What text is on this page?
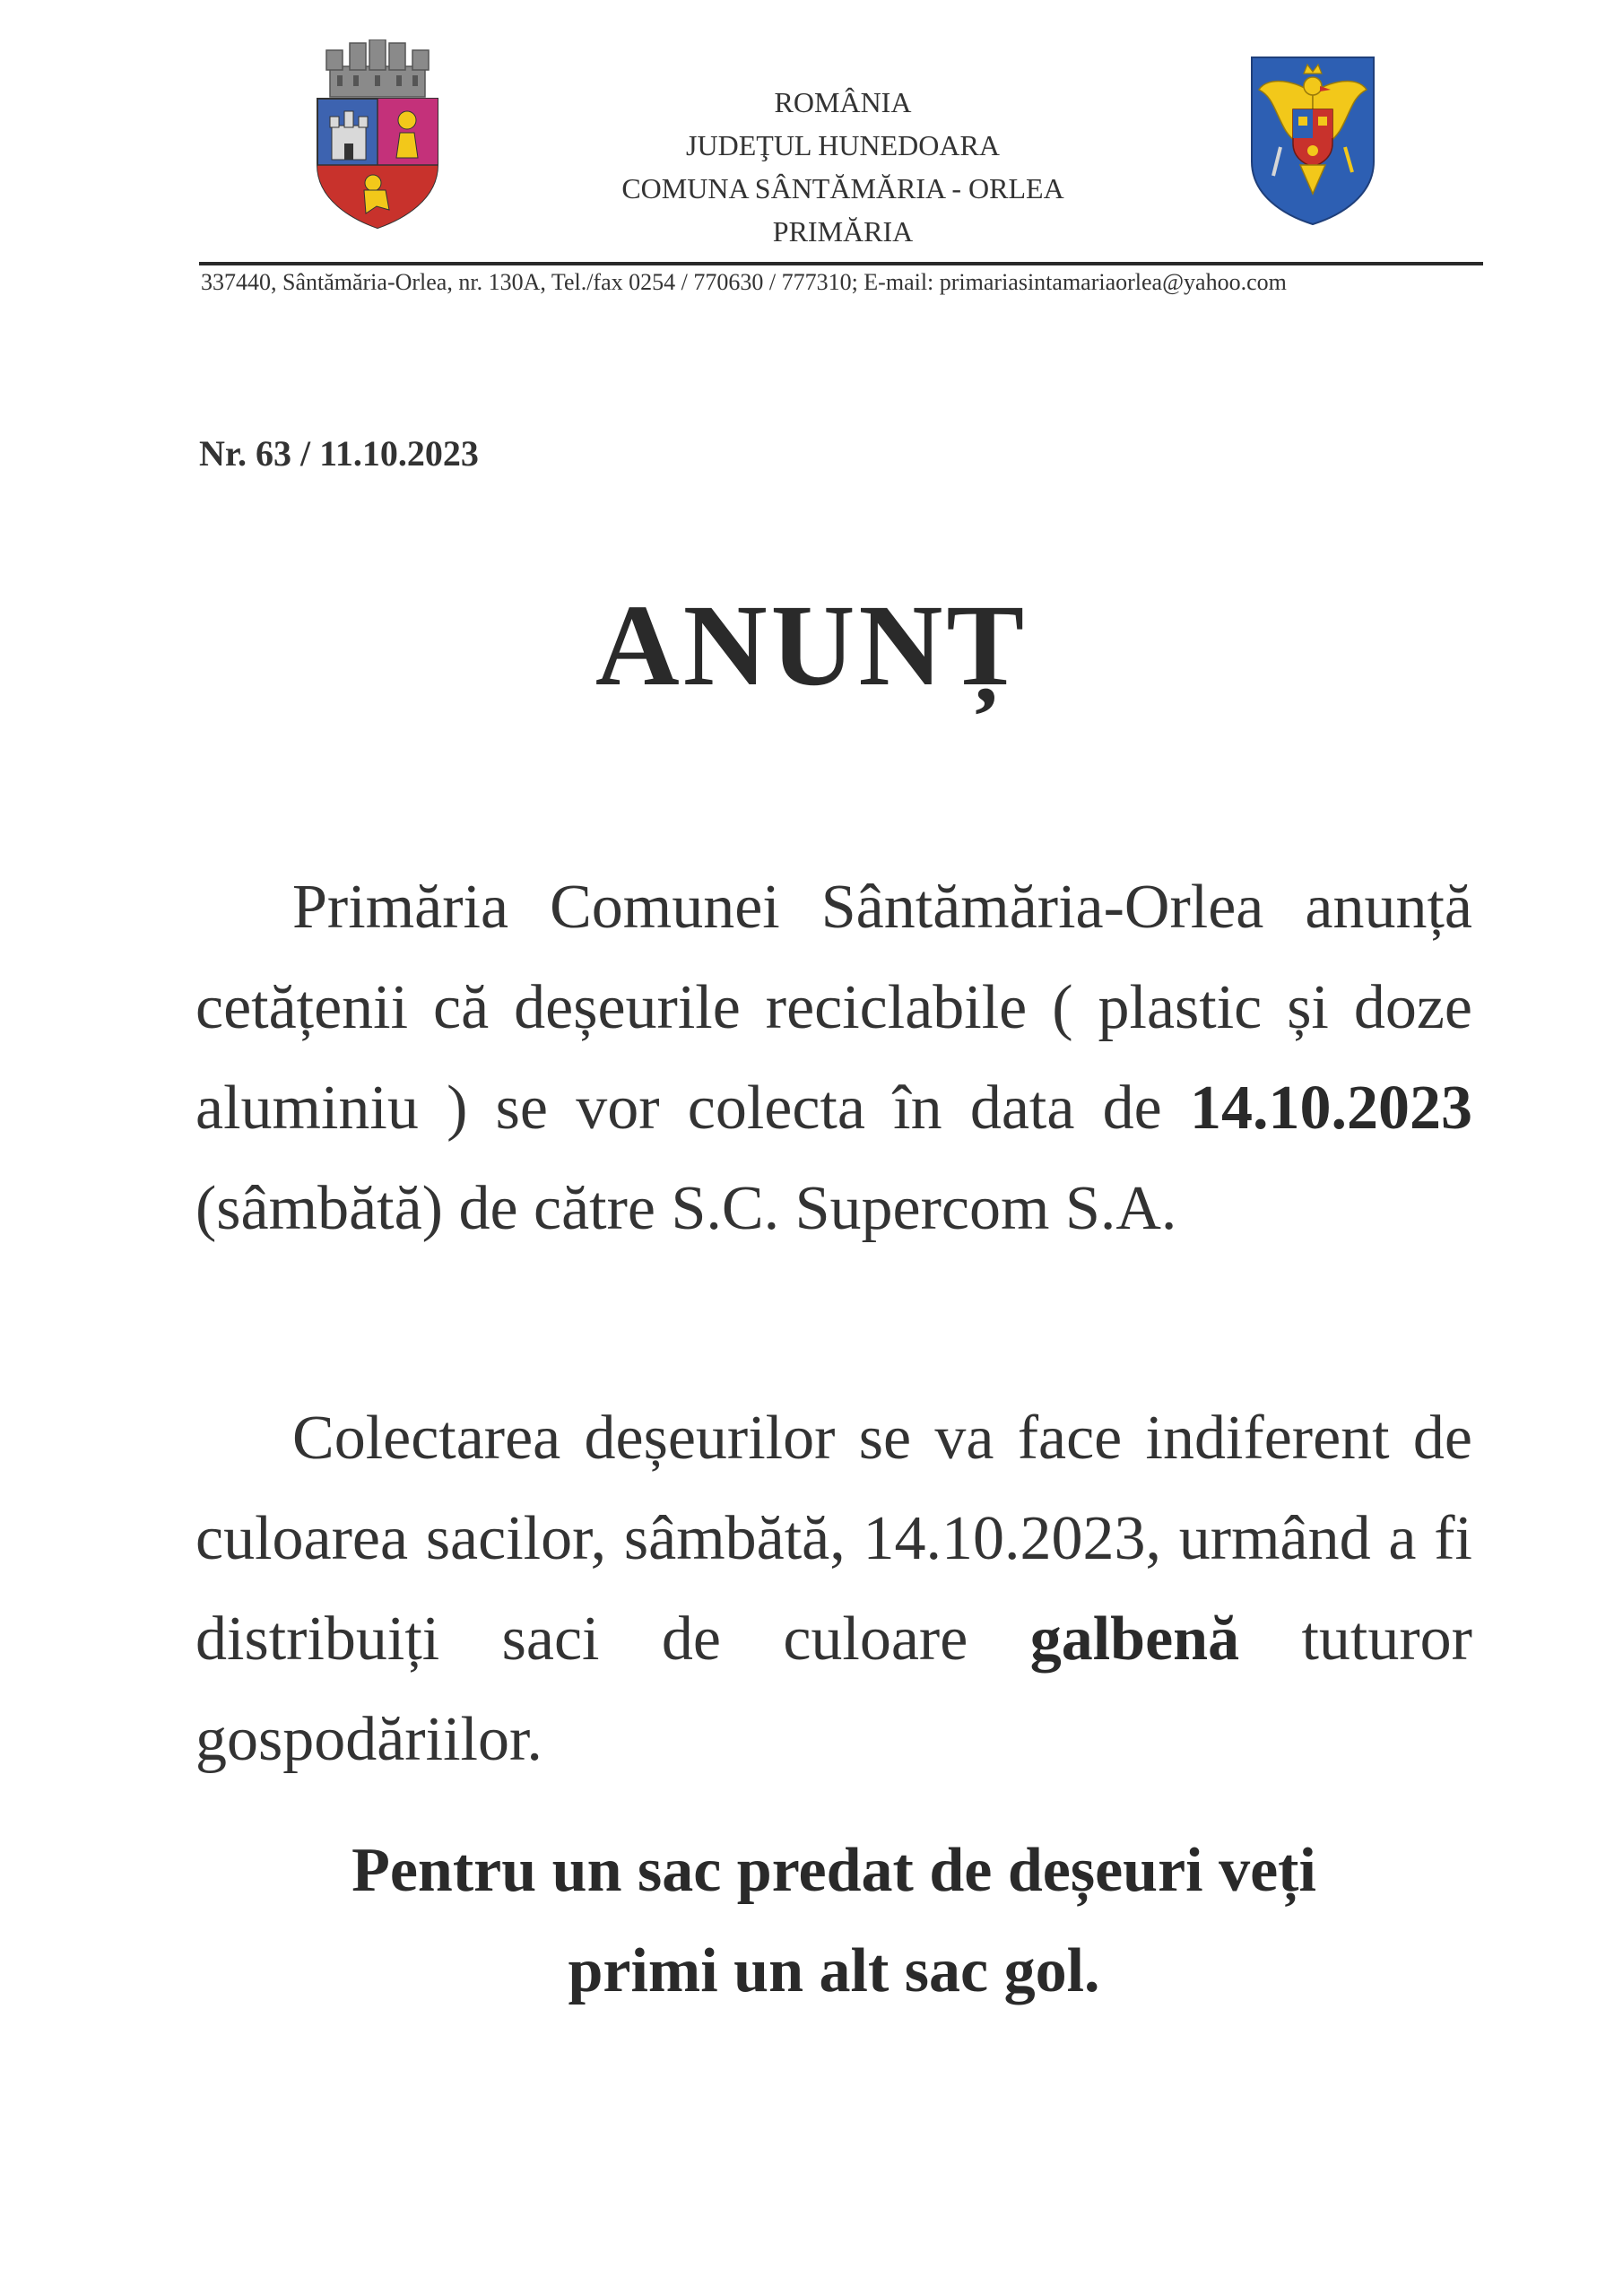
ROMÂNIA
JUDEŢUL HUNEDOARA
COMUNA SÂNTĂMĂRIA - ORLEA
PRIMĂRIA
337440, Sântămăria-Orlea, nr. 130A, Tel./fax 0254 / 770630 / 777310; E-mail: primariasintamariaorlea@yahoo.com
Nr. 63 / 11.10.2023
ANUNȚ
Primăria Comunei Sântămăria-Orlea anunță cetățenii că deșeurile reciclabile ( plastic și doze aluminiu ) se vor colecta în data de 14.10.2023 (sâmbătă) de către S.C. Supercom S.A.
Colectarea deșeurilor se va face indiferent de culoarea sacilor, sâmbătă, 14.10.2023, urmând a fi distribuiți saci de culoare galbenă tuturor gospodăriilor.
Pentru un sac predat de deșeuri veți
primi un alt sac gol.
